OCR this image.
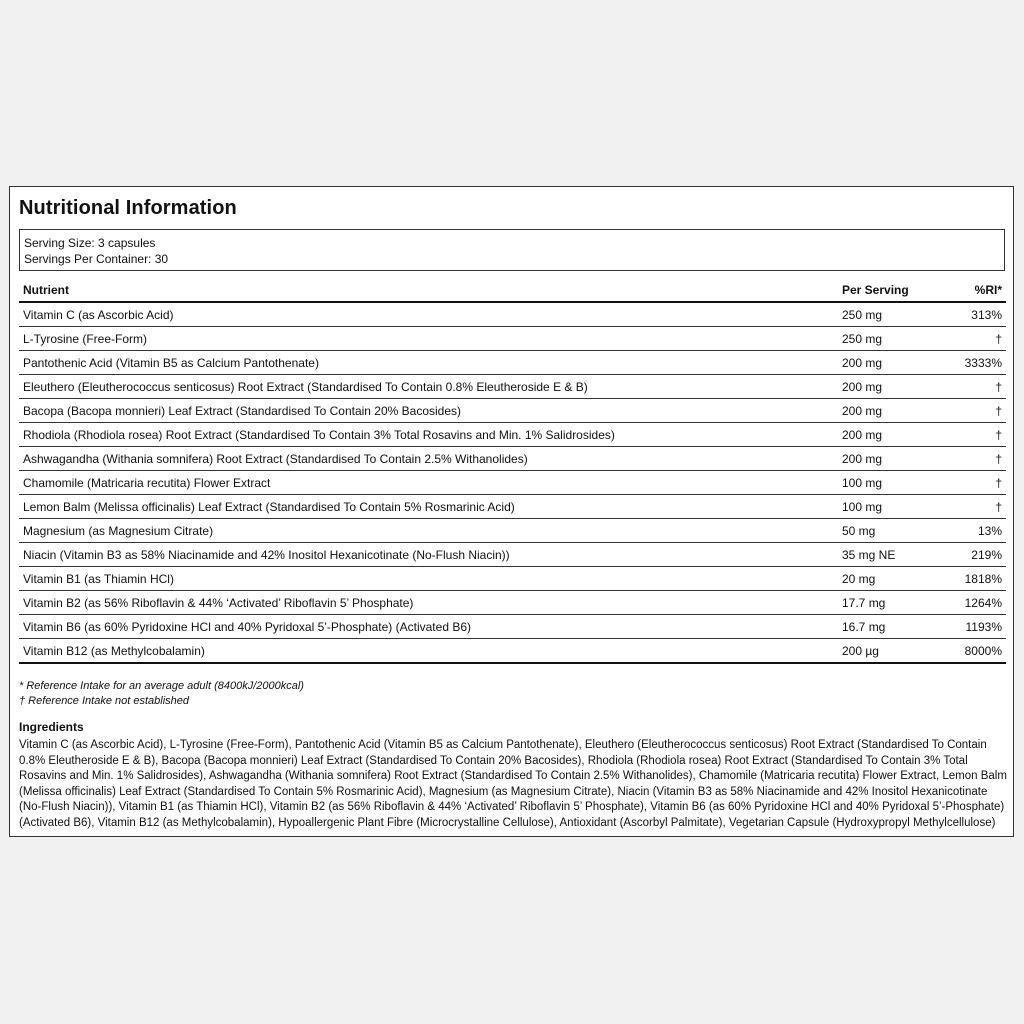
Nutritional Information
Serving Size: 3 capsules
Servings Per Container: 30
Nutrient	Per Serving	%RI*
Vitamin C (as Ascorbic Acid)	250 mg	313%
L-Tyrosine (Free-Form)	250 mg	†
Pantothenic Acid (Vitamin B5 as Calcium Pantothenate)	200 mg	3333%
Eleuthero (Eleutherococcus senticosus) Root Extract (Standardised To Contain 0.8% Eleutheroside E & B)	200 mg	†
Bacopa (Bacopa monnieri) Leaf Extract (Standardised To Contain 20% Bacosides)	200 mg	†
Rhodiola (Rhodiola rosea) Root Extract (Standardised To Contain 3% Total Rosavins and Min. 1% Salidrosides)	200 mg	†
Ashwagandha (Withania somnifera) Root Extract (Standardised To Contain 2.5% Withanolides)	200 mg	†
Chamomile (Matricaria recutita) Flower Extract	100 mg	†
Lemon Balm (Melissa officinalis) Leaf Extract (Standardised To Contain 5% Rosmarinic Acid)	100 mg	†
Magnesium (as Magnesium Citrate)	50 mg	13%
Niacin (Vitamin B3 as 58% Niacinamide and 42% Inositol Hexanicotinate (No-Flush Niacin))	35 mg NE	219%
Vitamin B1 (as Thiamin HCl)	20 mg	1818%
Vitamin B2 (as 56% Riboflavin & 44% ‘Activated’ Riboflavin 5’ Phosphate)	17.7 mg	1264%
Vitamin B6 (as 60% Pyridoxine HCl and 40% Pyridoxal 5’-Phosphate) (Activated B6)	16.7 mg	1193%
Vitamin B12 (as Methylcobalamin)	200 µg	8000%
* Reference Intake for an average adult (8400kJ/2000kcal)
† Reference Intake not established
Ingredients
Vitamin C (as Ascorbic Acid), L-Tyrosine (Free-Form), Pantothenic Acid (Vitamin B5 as Calcium Pantothenate), Eleuthero (Eleutherococcus senticosus) Root Extract (Standardised To Contain 0.8% Eleutheroside E & B), Bacopa (Bacopa monnieri) Leaf Extract (Standardised To Contain 20% Bacosides), Rhodiola (Rhodiola rosea) Root Extract (Standardised To Contain 3% Total Rosavins and Min. 1% Salidrosides), Ashwagandha (Withania somnifera) Root Extract (Standardised To Contain 2.5% Withanolides), Chamomile (Matricaria recutita) Flower Extract, Lemon Balm (Melissa officinalis) Leaf Extract (Standardised To Contain 5% Rosmarinic Acid), Magnesium (as Magnesium Citrate), Niacin (Vitamin B3 as 58% Niacinamide and 42% Inositol Hexanicotinate (No-Flush Niacin)), Vitamin B1 (as Thiamin HCl), Vitamin B2 (as 56% Riboflavin & 44% ‘Activated’ Riboflavin 5’ Phosphate), Vitamin B6 (as 60% Pyridoxine HCl and 40% Pyridoxal 5’-Phosphate) (Activated B6), Vitamin B12 (as Methylcobalamin), Hypoallergenic Plant Fibre (Microcrystalline Cellulose), Antioxidant (Ascorbyl Palmitate), Vegetarian Capsule (Hydroxypropyl Methylcellulose)
